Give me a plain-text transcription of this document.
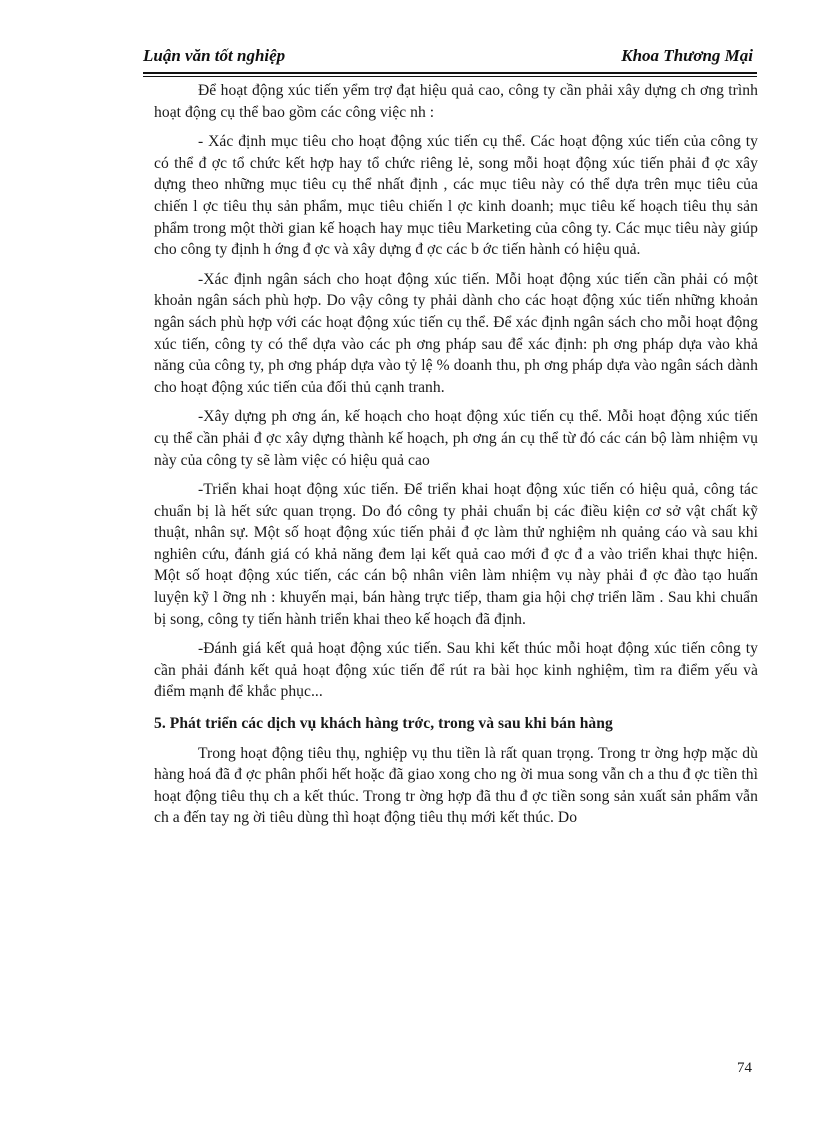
Luận văn tốt nghiệp	Khoa Thương Mại

Để hoạt động xúc tiến yểm trợ đạt hiệu quả cao, công ty cần phải xây dựng ch ơng trình hoạt động cụ thể bao gồm các công việc nh :

- Xác định mục tiêu cho hoạt động xúc tiến cụ thể. Các hoạt động xúc tiến của công ty có thể đ ợc tổ chức kết hợp hay tổ chức riêng lẻ, song mỗi hoạt động xúc tiến phải đ ợc xây dựng theo những mục tiêu cụ thể nhất định , các mục tiêu này có thể dựa trên mục tiêu của chiến l ợc tiêu thụ sản phẩm, mục tiêu chiến l ợc kinh doanh; mục tiêu kế hoạch tiêu thụ sản phẩm trong một thời gian kế hoạch hay mục tiêu Marketing của công ty. Các mục tiêu này giúp cho công ty định h ớng đ ợc và xây dựng đ ợc các b ớc tiến hành có hiệu quả.

-Xác định ngân sách cho hoạt động xúc tiến. Mỗi hoạt động xúc tiến cần phải có một khoản ngân sách phù hợp. Do vậy công ty phải dành cho các hoạt động xúc tiến những khoản ngân sách phù hợp với các hoạt động xúc tiến cụ thể. Để xác định ngân sách cho mỗi hoạt động xúc tiến, công ty có thể dựa vào các ph ơng pháp sau để xác định: ph ơng pháp dựa vào khả năng của công ty, ph ơng pháp dựa vào tỷ lệ % doanh thu, ph ơng pháp dựa vào ngân sách dành cho hoạt động xúc tiến của đối thủ cạnh tranh.

-Xây dựng ph ơng án, kế hoạch cho hoạt động xúc tiến cụ thể. Mỗi hoạt động xúc tiến cụ thể cần phải đ ợc xây dựng thành kế hoạch, ph ơng án cụ thể từ đó các cán bộ làm nhiệm vụ này của công ty sẽ làm việc có hiệu quả cao

-Triển khai hoạt động xúc tiến. Để triển khai hoạt động xúc tiến có hiệu quả, công tác chuẩn bị là hết sức quan trọng. Do đó công ty phải chuẩn bị các điều kiện cơ sở vật chất kỹ thuật, nhân sự. Một số hoạt động xúc tiến phải đ ợc làm thử nghiệm nh quảng cáo và sau khi nghiên cứu, đánh giá có khả năng đem lại kết quả cao mới đ ợc đ a vào triển khai thực hiện. Một số hoạt động xúc tiến, các cán bộ nhân viên làm nhiệm vụ này phải đ ợc đào tạo huấn luyện kỹ l ỡng nh : khuyến mại, bán hàng trực tiếp, tham gia hội chợ triển lãm . Sau khi chuẩn bị song, công ty tiến hành triển khai theo kế hoạch đã định.

-Đánh giá kết quả hoạt động xúc tiến. Sau khi kết thúc mỗi hoạt động xúc tiến công ty cần phải đánh kết quả hoạt động xúc tiến để rút ra bài học kinh nghiệm, tìm ra điểm yếu và điểm mạnh để khắc phục...

5. Phát triển các dịch vụ khách hàng trớc, trong và sau khi bán hàng

Trong hoạt động tiêu thụ, nghiệp vụ thu tiền là rất quan trọng. Trong tr ờng hợp mặc dù hàng hoá đã đ ợc phân phối hết hoặc đã giao xong cho ng ời mua song vẫn ch a thu đ ợc tiền thì hoạt động tiêu thụ ch a kết thúc. Trong tr ờng hợp đã thu đ ợc tiền song sản xuất sản phẩm vẫn ch a đến tay ng ời tiêu dùng thì hoạt động tiêu thụ mới kết thúc. Do

74
